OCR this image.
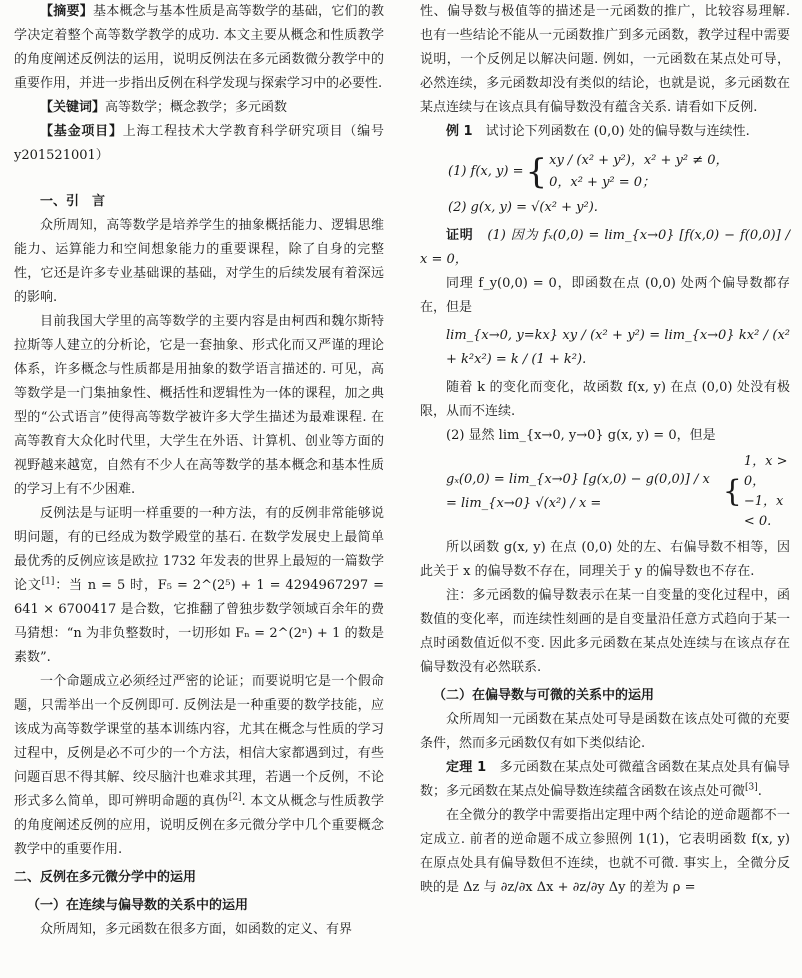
【摘要】基本概念与基本性质是高等数学的基础，它们的教学决定着整个高等数学教学的成功. 本文主要从概念和性质教学的角度阐述反例法的运用，说明反例法在多元函数微分教学中的重要作用，并进一步指出反例在科学发现与探索学习中的必要性.

【关键词】高等数学；概念教学；多元函数

【基金项目】上海工程技术大学教育科学研究项目（编号 y201521001）

一、引　言

众所周知，高等数学是培养学生的抽象概括能力、逻辑思维能力、运算能力和空间想象能力的重要课程，除了自身的完整性，它还是许多专业基础课的基础，对学生的后续发展有着深远的影响.

目前我国大学里的高等数学的主要内容是由柯西和魏尔斯特拉斯等人建立的分析论，它是一套抽象、形式化而又严谨的理论体系，许多概念与性质都是用抽象的数学语言描述的. 可见，高等数学是一门集抽象性、概括性和逻辑性为一体的课程，加之典型的“公式语言”使得高等数学被许多大学生描述为最难课程. 在高等教育大众化时代里，大学生在外语、计算机、创业等方面的视野越来越宽，自然有不少人在高等数学的基本概念和基本性质的学习上有不少困难.

反例法是与证明一样重要的一种方法，有的反例非常能够说明问题，有的已经成为数学殿堂的基石. 在数学发展史上最简单最优秀的反例应该是欧拉 1732 年发表的世界上最短的一篇数学论文[1]：当 n = 5 时，F₅ = 2^(2⁵) + 1 = 4294967297 = 641 × 6700417 是合数，它推翻了曾独步数学领域百余年的费马猜想：“n 为非负整数时，一切形如 Fₙ = 2^(2ⁿ) + 1 的数是素数”.

一个命题成立必须经过严密的论证；而要说明它是一个假命题，只需举出一个反例即可. 反例法是一种重要的数学技能，应该成为高等数学课堂的基本训练内容，尤其在概念与性质的学习过程中，反例是必不可少的一个方法，相信大家都遇到过，有些问题百思不得其解、绞尽脑汁也难求其理，若遇一个反例，不论形式多么简单，即可辨明命题的真伪[2]. 本文从概念与性质教学的角度阐述反例的应用，说明反例在多元微分学中几个重要概念教学中的重要作用.

二、反例在多元微分学中的运用

（一）在连续与偏导数的关系中的运用

众所周知，多元函数在很多方面，如函数的定义、有界

性、偏导数与极值等的描述是一元函数的推广，比较容易理解. 也有一些结论不能从一元函数推广到多元函数，教学过程中需要说明，一个反例足以解决问题. 例如，一元函数在某点处可导，必然连续，多元函数却没有类似的结论，也就是说，多元函数在某点连续与在该点具有偏导数没有蕴含关系. 请看如下反例.

例 1　 试讨论下列函数在 (0,0) 处的偏导数与连续性.

(1) f(x, y) = { xy / (x² + y²)，x² + y² ≠ 0，
0，x² + y² = 0；

(2) g(x, y) = √(x² + y²).

证明　 (1) 因为 fₓ(0,0) = lim_{x→0} [f(x,0) − f(0,0)] / x = 0，

同理 f_y(0,0) = 0，即函数在点 (0,0) 处两个偏导数都存在，但是

lim_{x→0, y=kx} xy / (x² + y²) = lim_{x→0} kx² / (x² + k²x²) = k / (1 + k²).

随着 k 的变化而变化，故函数 f(x, y) 在点 (0,0) 处没有极限，从而不连续.

(2) 显然 lim_{x→0, y→0} g(x, y) = 0，但是

gₓ(0,0) = lim_{x→0} [g(x,0) − g(0,0)] / x = lim_{x→0} √(x²) / x =	{
1，x > 0，
−1，x < 0.

所以函数 g(x, y) 在点 (0,0) 处的左、右偏导数不相等，因此关于 x 的偏导数不存在，同理关于 y 的偏导数也不存在.

注：多元函数的偏导数表示在某一自变量的变化过程中，函数值的变化率，而连续性刻画的是自变量沿任意方式趋向于某一点时函数值近似不变. 因此多元函数在某点处连续与在该点存在偏导数没有必然联系.

（二）在偏导数与可微的关系中的运用

众所周知一元函数在某点处可导是函数在该点处可微的充要条件，然而多元函数仅有如下类似结论.

定理 1　 多元函数在某点处可微蕴含函数在某点处具有偏导数；多元函数在某点处偏导数连续蕴含函数在该点处可微[3].

在全微分的教学中需要指出定理中两个结论的逆命题都不一定成立. 前者的逆命题不成立参照例 1(1)，它表明函数 f(x, y) 在原点处具有偏导数但不连续，也就不可微. 事实上，全微分反映的是 Δz 与 ∂z/∂x Δx + ∂z/∂y Δy 的差为 ρ =
